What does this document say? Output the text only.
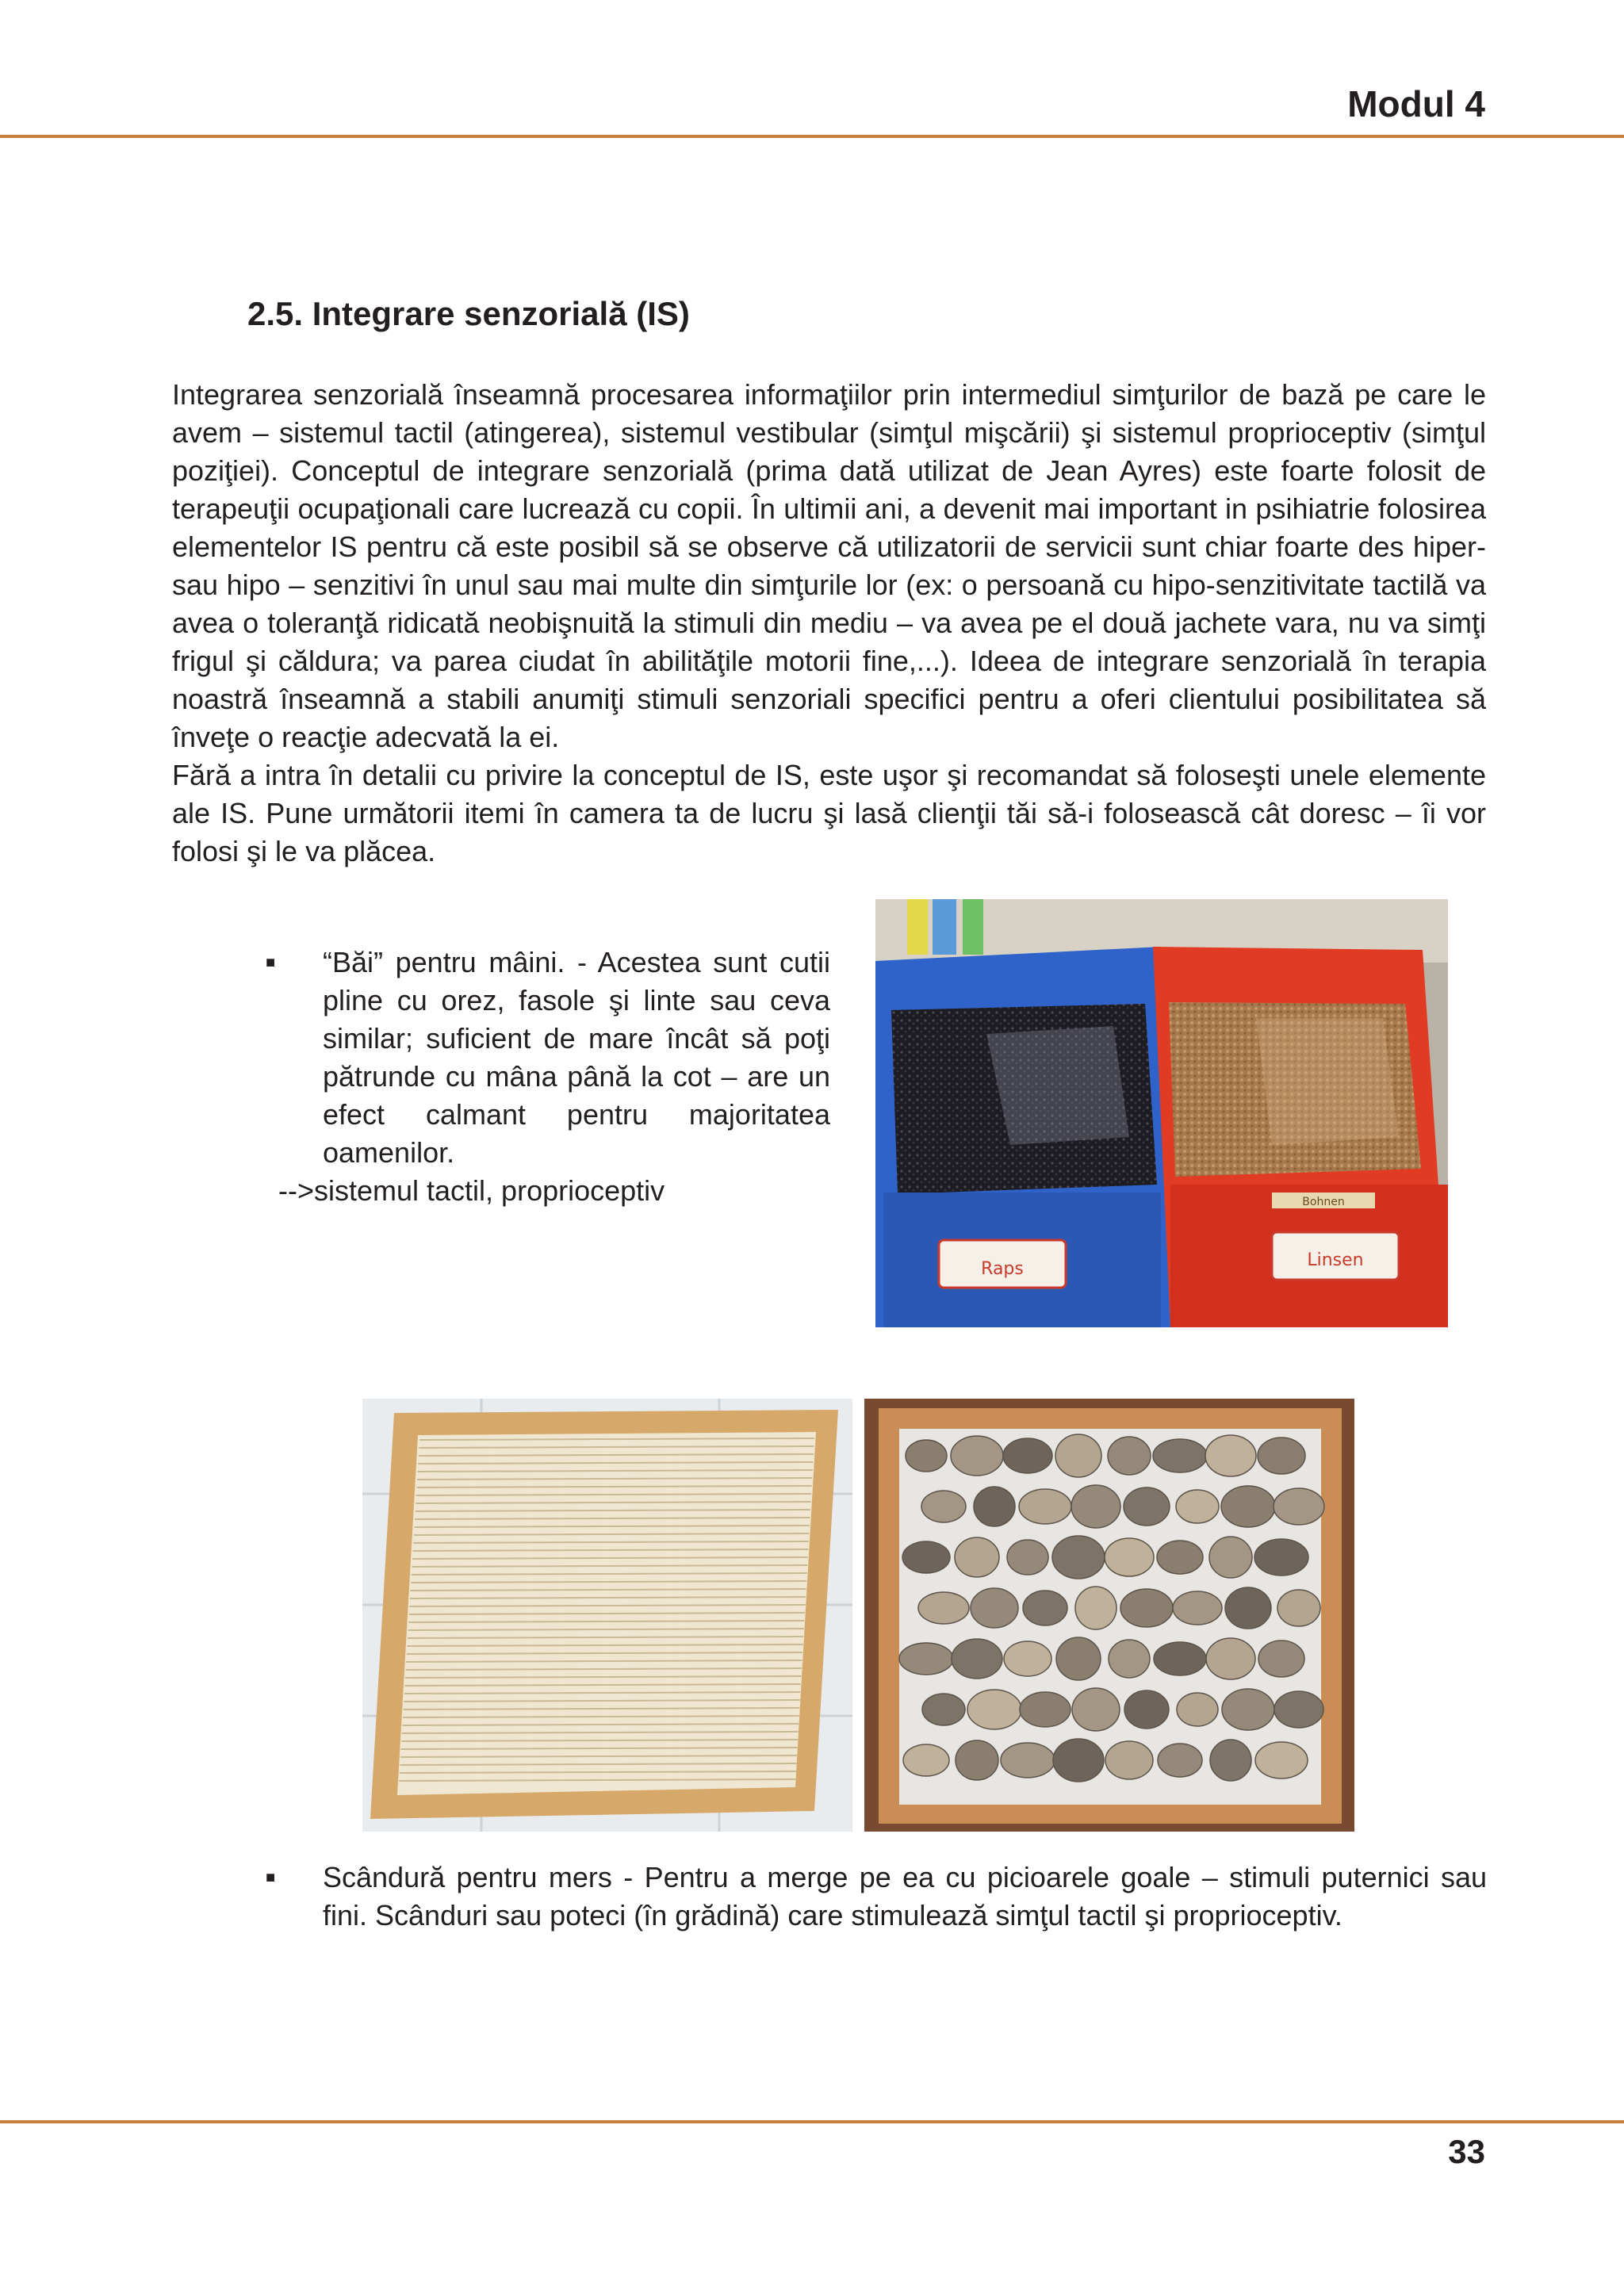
Modul 4
2.5. Integrare senzorială (IS)

Integrarea senzorială înseamnă procesarea informaţiilor prin intermediul simţurilor de bază pe care le avem – sistemul tactil (atingerea), sistemul vestibular (simţul mişcării) şi sistemul proprioceptiv (simţul poziţiei). Conceptul de integrare senzorială (prima dată utilizat de Jean Ayres) este foarte folosit de terapeuţii ocupaţionali care lucrează cu copii. În ultimii ani, a devenit mai important in psihiatrie folosirea elementelor IS pentru că este posibil să se observe că utilizatorii de servicii sunt chiar foarte des hiper- sau hipo – senzitivi în unul sau mai multe din simţurile lor (ex: o persoană cu hipo-senzitivitate tactilă va avea o toleranţă ridicată neobişnuită la stimuli din mediu – va avea pe el două jachete vara, nu va simţi frigul şi căldura; va parea ciudat în abilităţile motorii fine,...). Ideea de integrare senzorială în terapia noastră înseamnă a stabili anumiţi stimuli senzoriali specifici pentru a oferi clientului posibilitatea să înveţe o reacţie adecvată la ei.

Fără a intra în detalii cu privire la conceptul de IS, este uşor şi recomandat să foloseşti unele elemente ale IS. Pune următorii itemi în camera ta de lucru şi lasă clienţii tăi să-i folosească cât doresc – îi vor folosi şi le va plăcea.

■	“Băi” pentru mâini. - Acestea sunt cutii pline cu orez, fasole şi linte sau ceva similar; suficient de mare încât să poţi pătrunde cu mâna până la cot – are un efect calmant pentru majoritatea oamenilor.
-->sistemul tactil, proprioceptiv
Raps
Bohnen
Linsen
■	Scândură pentru mers - Pentru a merge pe ea cu picioarele goale – stimuli puternici sau fini. Scânduri sau poteci (în grădină) care stimulează simţul tactil şi proprioceptiv.
33
